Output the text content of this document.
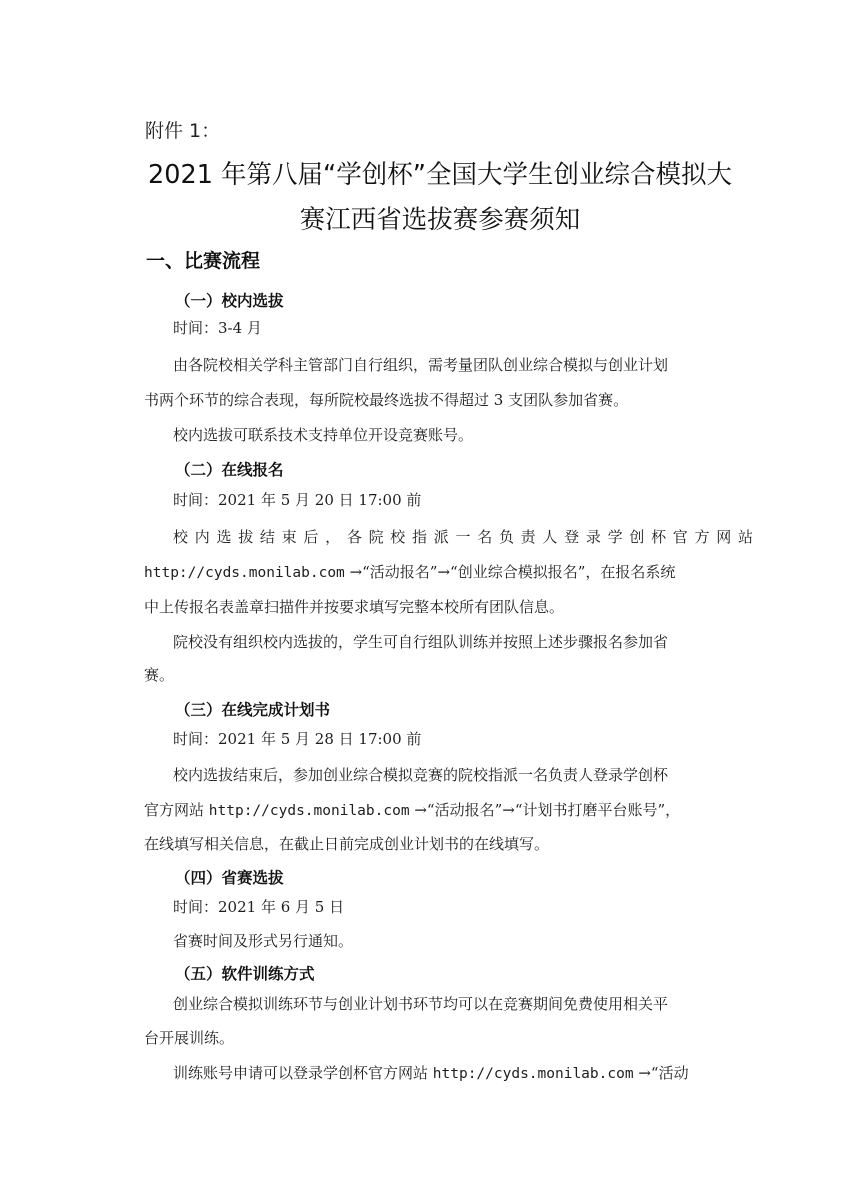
附件 1：
2021 年第八届“学创杯”全国大学生创业综合模拟大
赛江西省选拔赛参赛须知
一、比赛流程
（一）校内选拔
时间：3-4 月
由各院校相关学科主管部门自行组织，需考量团队创业综合模拟与创业计划
书两个环节的综合表现，每所院校最终选拔不得超过 3 支团队参加省赛。
校内选拔可联系技术支持单位开设竞赛账号。
（二）在线报名
时间：2021 年 5 月 20 日 17:00 前
校内选拔结束后，各院校指派一名负责人登录学创杯官方网站
http://cyds.monilab.com →“活动报名”→“创业综合模拟报名”，在报名系统
中上传报名表盖章扫描件并按要求填写完整本校所有团队信息。
院校没有组织校内选拔的，学生可自行组队训练并按照上述步骤报名参加省
赛。
（三）在线完成计划书
时间：2021 年 5 月 28 日 17:00 前
校内选拔结束后，参加创业综合模拟竞赛的院校指派一名负责人登录学创杯
官方网站 http://cyds.monilab.com →“活动报名”→“计划书打磨平台账号”，
在线填写相关信息，在截止日前完成创业计划书的在线填写。
（四）省赛选拔
时间：2021 年 6 月 5 日
省赛时间及形式另行通知。
（五）软件训练方式
创业综合模拟训练环节与创业计划书环节均可以在竞赛期间免费使用相关平
台开展训练。
训练账号申请可以登录学创杯官方网站 http://cyds.monilab.com →“活动
